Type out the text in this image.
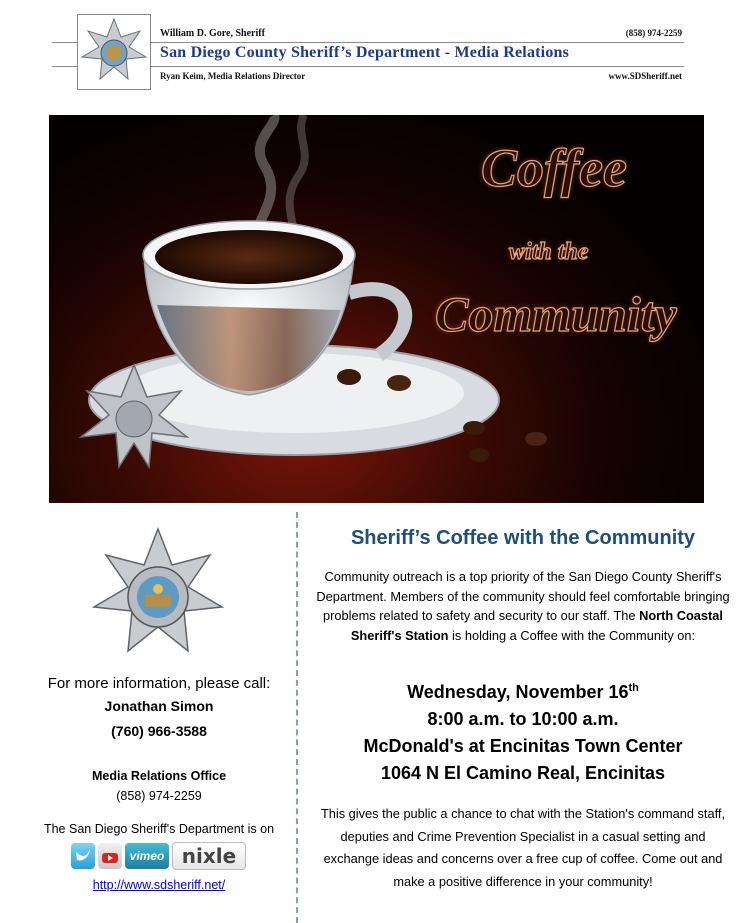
William D. Gore, Sheriff	(858) 974-2259
San Diego County Sheriff’s Department - Media Relations
Ryan Keim, Media Relations Director	www.SDSheriff.net
Coffee
with the
Community
For more information, please call:
Jonathan Simon
(760) 966-3588
Media Relations Office
(858) 974-2259
The San Diego Sheriff's Department is on
vimeo nixle
http://www.sdsheriff.net/
Sheriff’s Coffee with the Community
Community outreach is a top priority of the San Diego County Sheriff's Department. Members of the community should feel comfortable bringing problems related to safety and security to our staff. The North Coastal Sheriff's Station is holding a Coffee with the Community on:
Wednesday, November 16th
8:00 a.m. to 10:00 a.m.
McDonald's at Encinitas Town Center
1064 N El Camino Real, Encinitas
This gives the public a chance to chat with the Station's command staff, deputies and Crime Prevention Specialist in a casual setting and exchange ideas and concerns over a free cup of coffee. Come out and make a positive difference in your community!
